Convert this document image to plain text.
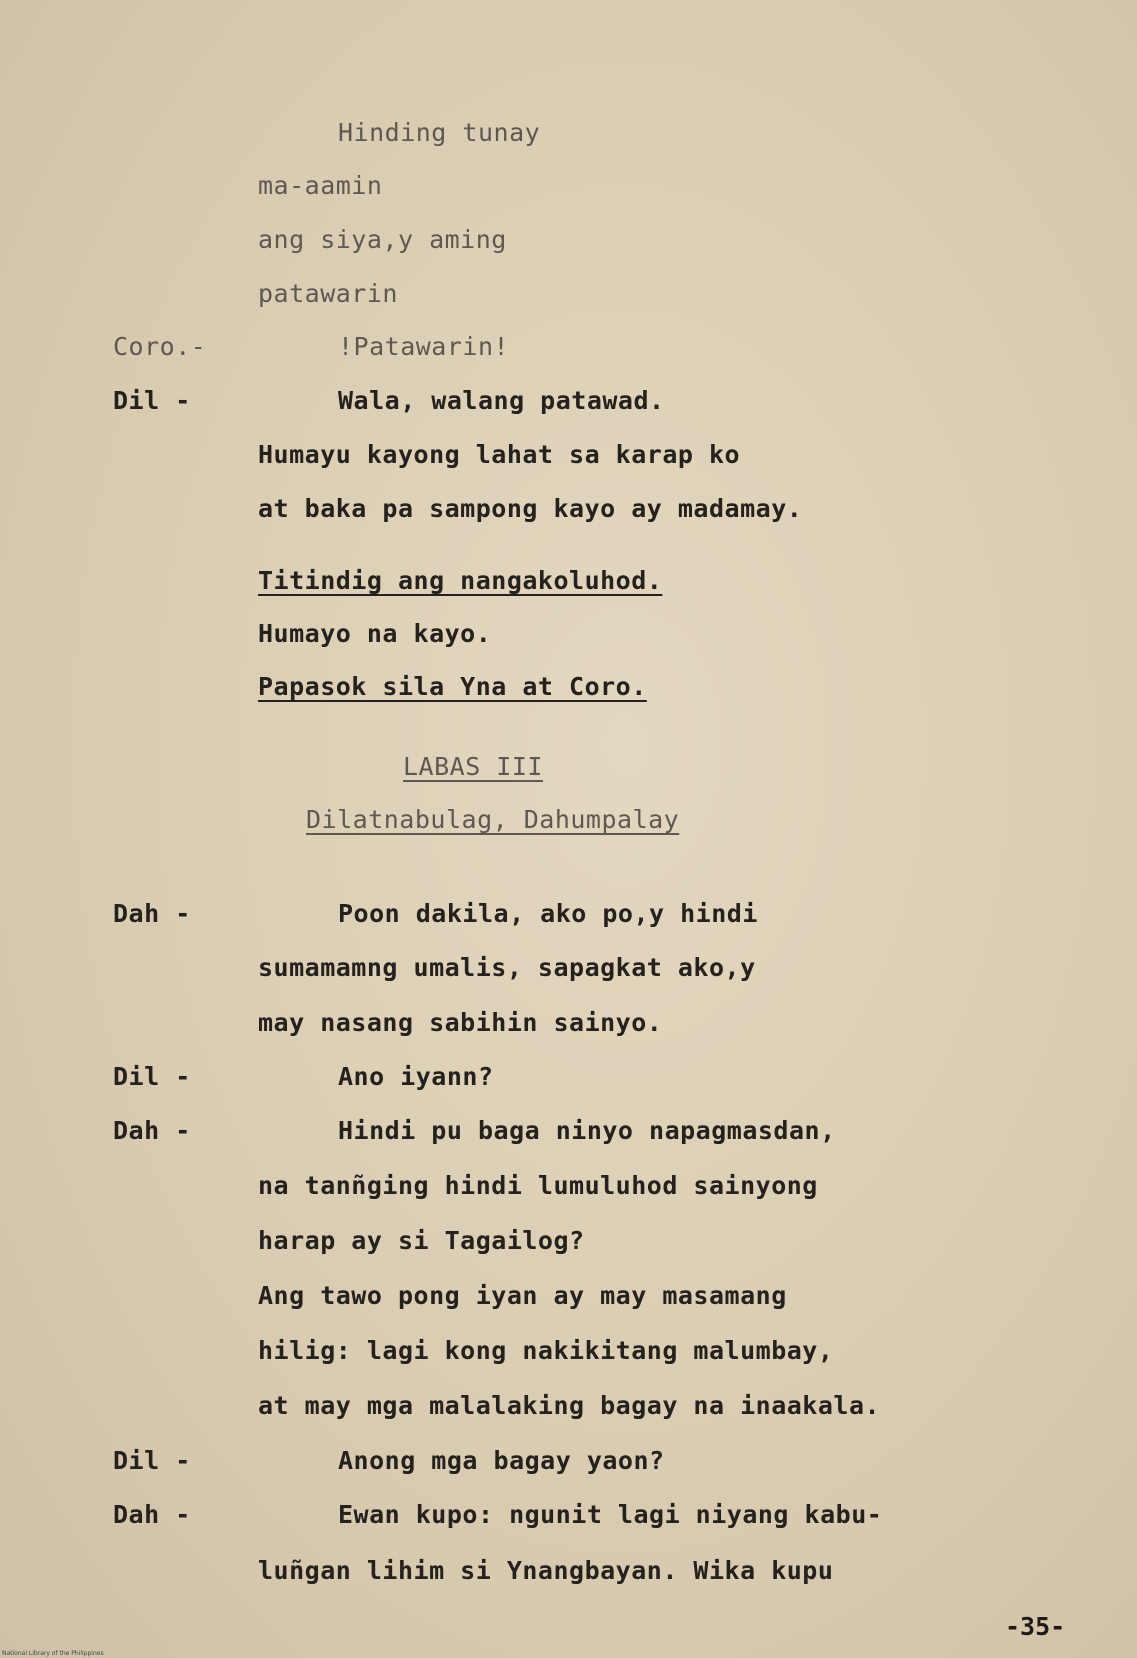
Hinding tunay
ma-aamin
ang siya,y aming
patawarin
Coro.-	!Patawarin!
Dil -	Wala, walang patawad.
Humayu kayong lahat sa karap ko
at baka pa sampong kayo ay madamay.
Titindig ang nangakoluhod.
Humayo na kayo.
Papasok sila Yna at Coro.
LABAS III
Dilatnabulag, Dahumpalay
Dah -	Poon dakila, ako po,y hindi
sumamamng umalis, sapagkat ako,y
may nasang sabihin sainyo.
Dil -	Ano iyann?
Dah -	Hindi pu baga ninyo napagmasdan,
na tanñging hindi lumuluhod sainyong
harap ay si Tagailog?
Ang tawo pong iyan ay may masamang
hilig: lagi kong nakikitang malumbay,
at may mga malalaking bagay na inaakala.
Dil -	Anong mga bagay yaon?
Dah -	Ewan kupo: ngunit lagi niyang kabu-
luñgan lihim si Ynangbayan. Wika kupu
-35-
National Library of the Philippines
